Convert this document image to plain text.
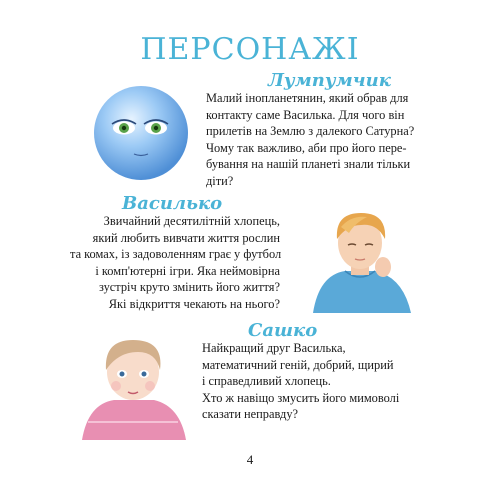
ПЕРСОНАЖІ
Лумпумчик
Малий інопланетянин, який обрав для
контакту саме Василька. Для чого він
прилетів на Землю з далекого Сатурна?
Чому так важливо, аби про його пере-
бування на нашій планеті знали тільки
діти?
Василько
Звичайний десятилітній хлопець,
який любить вивчати життя рослин
та комах, із задоволенням грає у футбол
і комп'ютерні ігри. Яка неймовірна
зустріч круто змінить його життя?
Які відкриття чекають на нього?
Сашко
Найкращий друг Василька,
математичний геній, добрий, щирий
і справедливий хлопець.
Хто ж навіщо змусить його мимоволі
сказати неправду?
4
